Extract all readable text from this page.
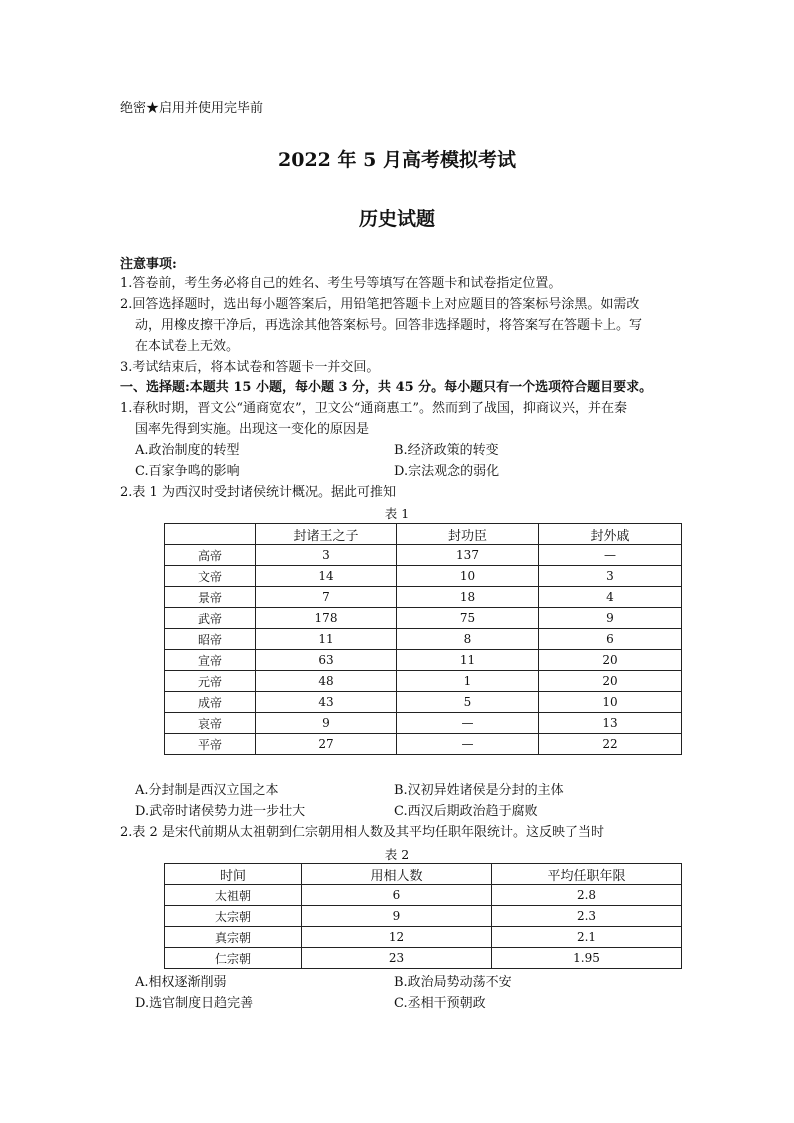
绝密★启用并使用完毕前
2022 年 5 月高考模拟考试
历史试题
注意事项:
1.答卷前，考生务必将自己的姓名、考生号等填写在答题卡和试卷指定位置。
2.回答选择题时，选出每小题答案后，用铅笔把答题卡上对应题目的答案标号涂黑。如需改
动，用橡皮擦干净后，再选涂其他答案标号。回答非选择题时，将答案写在答题卡上。写
在本试卷上无效。
3.考试结束后，将本试卷和答题卡一并交回。
一、选择题:本题共 15 小题，每小题 3 分，共 45 分。每小题只有一个选项符合题目要求。
1.春秋时期，晋文公“通商宽农”，卫文公“通商惠工”。然而到了战国，抑商议兴，并在秦
国率先得到实施。出现这一变化的原因是
A.政治制度的转型	B.经济政策的转变
C.百家争鸣的影响	D.宗法观念的弱化
2.表 1 为西汉时受封诸侯统计概况。据此可推知
表 1
	封诸王之子	封功臣	封外戚
高帝	3	137	—
文帝	14	10	3
景帝	7	18	4
武帝	178	75	9
昭帝	11	8	6
宣帝	63	11	20
元帝	48	1	20
成帝	43	5	10
哀帝	9	—	13
平帝	27	—	22
A.分封制是西汉立国之本	B.汉初异姓诸侯是分封的主体
D.武帝时诸侯势力进一步壮大	C.西汉后期政治趋于腐败
2.表 2 是宋代前期从太祖朝到仁宗朝用相人数及其平均任职年限统计。这反映了当时
表 2
时间	用相人数	平均任职年限
太祖朝	6	2.8
太宗朝	9	2.3
真宗朝	12	2.1
仁宗朝	23	1.95
A.相权逐渐削弱	B.政治局势动荡不安
D.选官制度日趋完善	C.丞相干预朝政
